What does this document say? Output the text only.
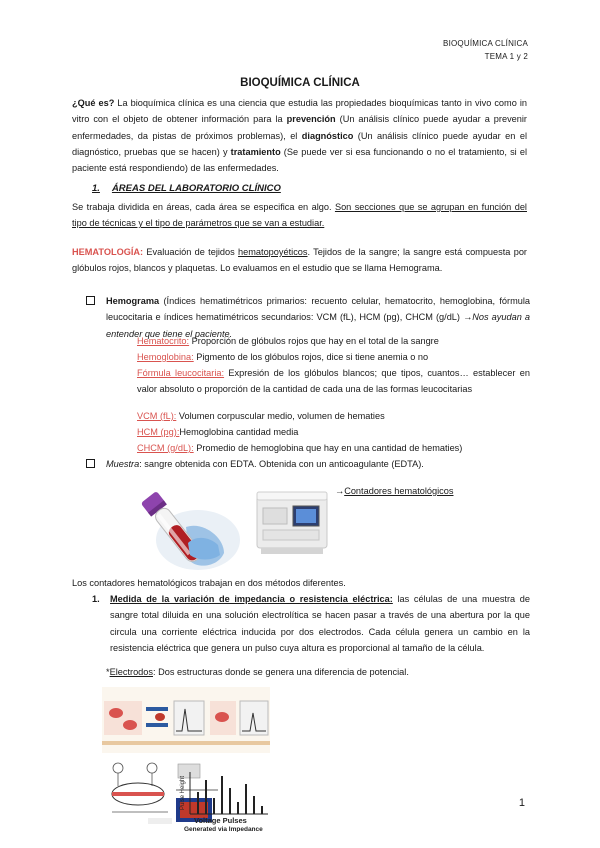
BIOQUÍMICA CLÍNICA
TEMA 1 y 2
BIOQUÍMICA CLÍNICA
¿Qué es? La bioquímica clínica es una ciencia que estudia las propiedades bioquímicas tanto in vivo como in vitro con el objeto de obtener información para la prevención (Un análisis clínico puede ayudar a prevenir enfermedades, da pistas de próximos problemas), el diagnóstico (Un análisis clínico puede ayudar en el diagnóstico, pruebas que se hacen) y tratamiento (Se puede ver si esa funcionando o no el tratamiento, si el paciente está respondiendo) de las enfermedades.
1. ÁREAS DEL LABORATORIO CLÍNICO
Se trabaja dividida en áreas, cada área se especifica en algo. Son secciones que se agrupan en función del tipo de técnicas y el tipo de parámetros que se van a estudiar.
HEMATOLOGÍA: Evaluación de tejidos hematopoyéticos. Tejidos de la sangre; la sangre está compuesta por glóbulos rojos, blancos y plaquetas. Lo evaluamos en el estudio que se llama Hemograma.
Hemograma (Índices hematimétricos primarios: recuento celular, hematocrito, hemoglobina, fórmula leucocitaria e índices hematimétricos secundarios: VCM (fL), HCM (pg), CHCM (g/dL) →Nos ayudan a entender que tiene el paciente.
Hematocrito: Proporción de glóbulos rojos que hay en el total de la sangre
Hemoglobina: Pigmento de los glóbulos rojos, dice si tiene anemia o no
Fórmula leucocitaria: Expresión de los glóbulos blancos; que tipos, cuantos… establecer en valor absoluto o proporción de la cantidad de cada una de las formas leucocitarias
VCM (fL): Volumen corpuscular medio, volumen de hematies
HCM (pg):Hemoglobina cantidad media
CHCM (g/dL): Promedio de hemoglobina que hay en una cantidad de hematies)
Muestra: sangre obtenida con EDTA. Obtenida con un anticoagulante (EDTA).
→Contadores hematológicos
Los contadores hematológicos trabajan en dos métodos diferentes.
1. Medida de la variación de impedancia o resistencia eléctrica: las células de una muestra de sangre total diluida en una solución electrolítica se hacen pasar a través de una abertura por la que circula una corriente eléctrica inducida por dos electrodos. Cada célula genera un cambio en la resistencia eléctrica que genera un pulso cuya altura es proporcional al tamaño de la célula.
*Electrodos: Dos estructuras donde se genera una diferencia de potencial.
Pulse Height
Voltage Pulses
Generated via Impedance
1
